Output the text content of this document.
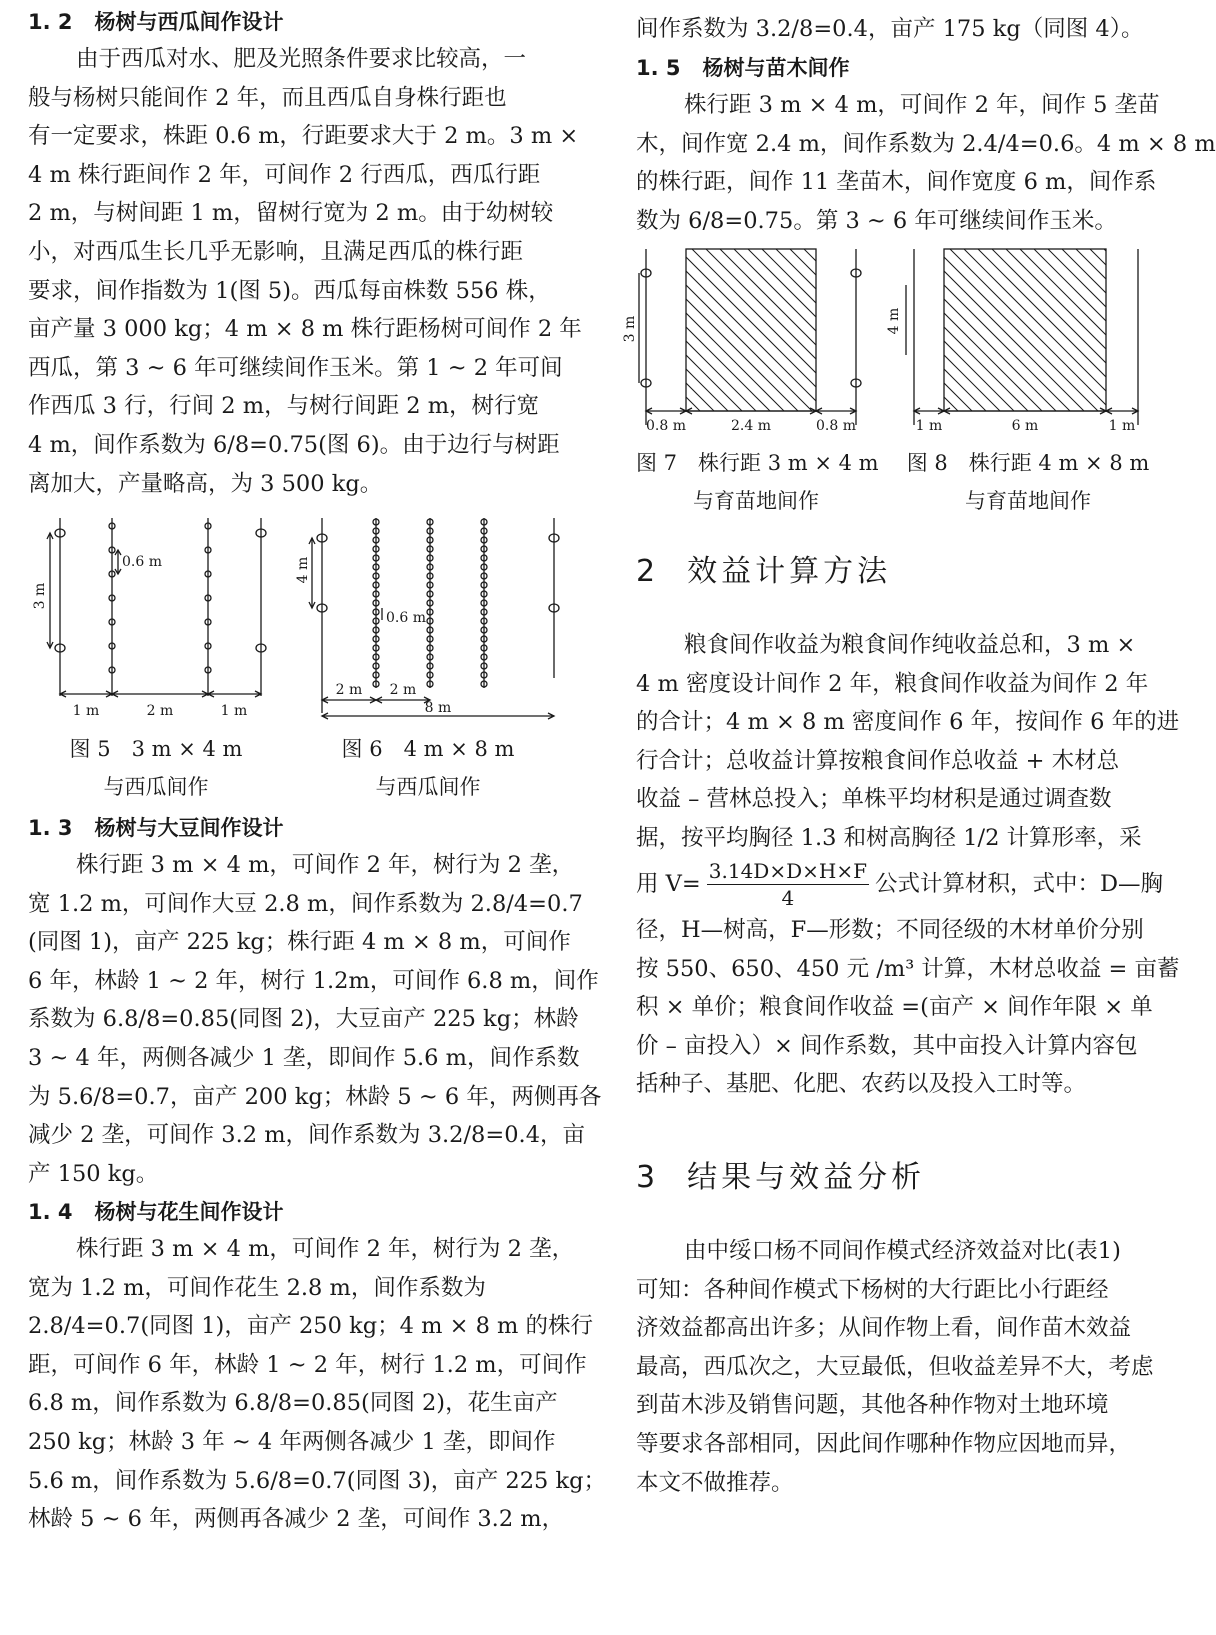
1. 2 杨树与西瓜间作设计

由于西瓜对水、肥及光照条件要求比较高，一
般与杨树只能间作 2 年，而且西瓜自身株行距也
有一定要求，株距 0.6 m，行距要求大于 2 m。3 m ×
4 m 株行距间作 2 年，可间作 2 行西瓜，西瓜行距
2 m，与树间距 1 m，留树行宽为 2 m。由于幼树较
小，对西瓜生长几乎无影响，且满足西瓜的株行距
要求，间作指数为 1(图 5)。西瓜每亩株数 556 株，
亩产量 3 000 kg；4 m × 8 m 株行距杨树可间作 2 年
西瓜，第 3 ~ 6 年可继续间作玉米。第 1 ~ 2 年可间
作西瓜 3 行，行间 2 m，与树行间距 2 m，树行宽
4 m，间作系数为 6/8=0.75(图 6)。由于边行与树距
离加大，产量略高，为 3 500 kg。
3 m
0.6 m
1 m	2 m	1 m
图 5　3 m × 4 m
与西瓜间作
4 m
0.6 m
2 m 2 m
8 m
图 6　4 m × 8 m
与西瓜间作

1. 3 杨树与大豆间作设计

株行距 3 m × 4 m，可间作 2 年，树行为 2 垄，
宽 1.2 m，可间作大豆 2.8 m，间作系数为 2.8/4=0.7
(同图 1)，亩产 225 kg；株行距 4 m × 8 m，可间作
6 年，林龄 1 ~ 2 年，树行 1.2m，可间作 6.8 m，间作
系数为 6.8/8=0.85(同图 2)，大豆亩产 225 kg；林龄
3 ~ 4 年，两侧各减少 1 垄，即间作 5.6 m，间作系数
为 5.6/8=0.7，亩产 200 kg；林龄 5 ~ 6 年，两侧再各
减少 2 垄，可间作 3.2 m，间作系数为 3.2/8=0.4，亩
产 150 kg。

1. 4 杨树与花生间作设计

株行距 3 m × 4 m，可间作 2 年，树行为 2 垄，
宽为 1.2 m，可间作花生 2.8 m，间作系数为
2.8/4=0.7(同图 1)，亩产 250 kg；4 m × 8 m 的株行
距，可间作 6 年，林龄 1 ~ 2 年，树行 1.2 m，可间作
6.8 m，间作系数为 6.8/8=0.85(同图 2)，花生亩产
250 kg；林龄 3 年 ~ 4 年两侧各减少 1 垄，即间作
5.6 m，间作系数为 5.6/8=0.7(同图 3)，亩产 225 kg；
林龄 5 ~ 6 年，两侧再各减少 2 垄，可间作 3.2 m，
间作系数为 3.2/8=0.4，亩产 175 kg（同图 4）。

1. 5 杨树与苗木间作

株行距 3 m × 4 m，可间作 2 年，间作 5 垄苗
木，间作宽 2.4 m，间作系数为 2.4/4=0.6。4 m × 8 m
的株行距，间作 11 垄苗木，间作宽度 6 m，间作系
数为 6/8=0.75。第 3 ~ 6 年可继续间作玉米。
3 m
0.8 m	2.4 m	0.8 m
图 7　株行距 3 m × 4 m
与育苗地间作
4 m
1 m	6 m	1 m
图 8　株行距 4 m × 8 m
与育苗地间作
2 效益计算方法
粮食间作收益为粮食间作纯收益总和，3 m ×
4 m 密度设计间作 2 年，粮食间作收益为间作 2 年
的合计；4 m × 8 m 密度间作 6 年，按间作 6 年的进
行合计；总收益计算按粮食间作总收益 + 木材总
收益 – 营林总投入；单株平均材积是通过调查数
据，按平均胸径 1.3 和树高胸径 1/2 计算形率，采
用 $V= \frac{3.14D\times D\times H\times F}{4}$ 公式计算材积，式中：D—胸
径，H—树高，F—形数；不同径级的木材单价分别
按 550、650、450 元 /m³ 计算，木材总收益 = 亩蓄
积 × 单价；粮食间作收益 =(亩产 × 间作年限 × 单
价 – 亩投入）× 间作系数，其中亩投入计算内容包
括种子、基肥、化肥、农药以及投入工时等。
3 结果与效益分析
由中绥口杨不同间作模式经济效益对比(表1)
可知：各种间作模式下杨树的大行距比小行距经
济效益都高出许多；从间作物上看，间作苗木效益
最高，西瓜次之，大豆最低，但收益差异不大，考虑
到苗木涉及销售问题，其他各种作物对土地环境
等要求各部相同，因此间作哪种作物应因地而异，
本文不做推荐。
